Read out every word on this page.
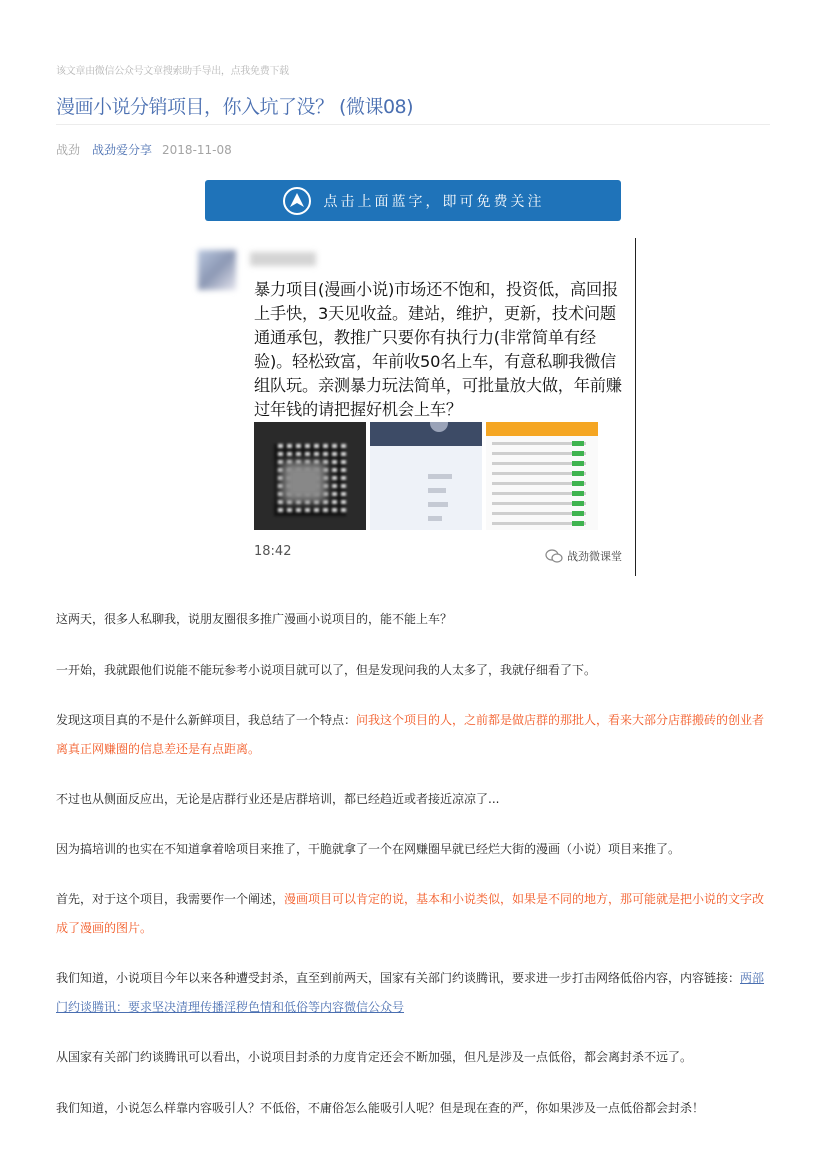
该文章由微信公众号文章搜索助手导出，点我免费下载
漫画小说分销项目，你入坑了没？ (微课08)
战劲 战劲爱分享 2018-11-08
点击上面蓝字，即可免费关注

暴力项目(漫画小说)市场还不饱和，投资低，高回报上手快，3天见收益。建站，维护，更新，技术问题通通承包，教推广只要你有执行力(非常简单有经验)。轻松致富，年前收50名上车，有意私聊我微信组队玩。亲测暴力玩法简单，可批量放大做，年前赚过年钱的请把握好机会上车？

18:42	战劲微课堂

这两天，很多人私聊我，说朋友圈很多推广漫画小说项目的，能不能上车？

一开始，我就跟他们说能不能玩参考小说项目就可以了，但是发现问我的人太多了，我就仔细看了下。

发现这项目真的不是什么新鲜项目，我总结了一个特点：问我这个项目的人，之前都是做店群的那批人，看来大部分店群搬砖的创业者离真正网赚圈的信息差还是有点距离。

不过也从侧面反应出，无论是店群行业还是店群培训，都已经趋近或者接近凉凉了...

因为搞培训的也实在不知道拿着啥项目来推了，干脆就拿了一个在网赚圈早就已经烂大街的漫画（小说）项目来推了。

首先，对于这个项目，我需要作一个阐述，漫画项目可以肯定的说，基本和小说类似，如果是不同的地方，那可能就是把小说的文字改成了漫画的图片。

我们知道，小说项目今年以来各种遭受封杀，直至到前两天，国家有关部门约谈腾讯，要求进一步打击网络低俗内容，内容链接：两部门约谈腾讯：要求坚决清理传播淫秽色情和低俗等内容微信公众号

从国家有关部门约谈腾讯可以看出，小说项目封杀的力度肯定还会不断加强，但凡是涉及一点低俗，都会离封杀不远了。

我们知道，小说怎么样靠内容吸引人？不低俗，不庸俗怎么能吸引人呢？但是现在查的严，你如果涉及一点低俗都会封杀！
